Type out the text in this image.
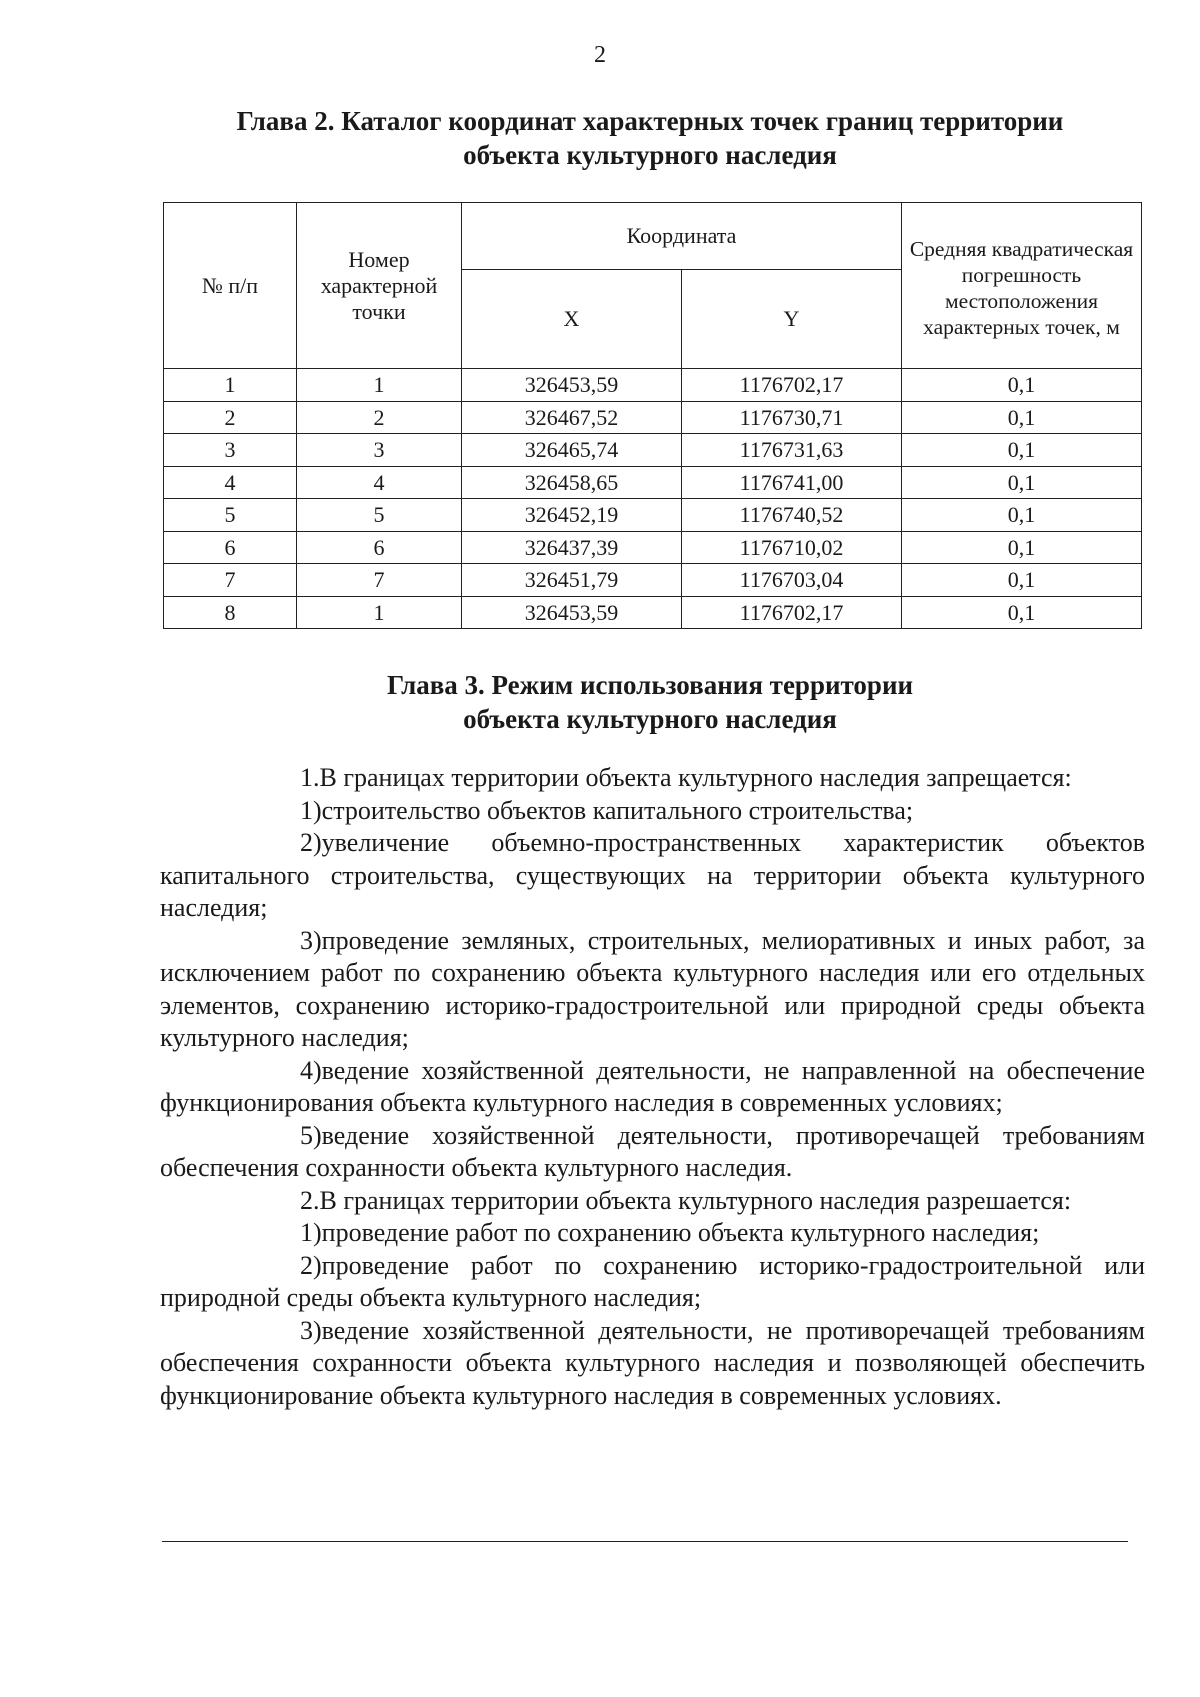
2
Глава 2. Каталог координат характерных точек границ территории
объекта культурного наследия
№ п/п	Номер характерной точки	Координата		Средняя квадратическая погрешность местоположения характерных точек, м
		X	Y	
1	1	326453,59	1176702,17	0,1
2	2	326467,52	1176730,71	0,1
3	3	326465,74	1176731,63	0,1
4	4	326458,65	1176741,00	0,1
5	5	326452,19	1176740,52	0,1
6	6	326437,39	1176710,02	0,1
7	7	326451,79	1176703,04	0,1
8	1	326453,59	1176702,17	0,1
Глава 3. Режим использования территории
объекта культурного наследия

1.В границах территории объекта культурного наследия запрещается:

1)строительство объектов капитального строительства;

2)увеличение объемно-пространственных характеристик объектов капитального строительства, существующих на территории объекта культурного наследия;

3)проведение земляных, строительных, мелиоративных и иных работ, за исключением работ по сохранению объекта культурного наследия или его отдельных элементов, сохранению историко-градостроительной или природной среды объекта культурного наследия;

4)ведение хозяйственной деятельности, не направленной на обеспечение функционирования объекта культурного наследия в современных условиях;

5)ведение хозяйственной деятельности, противоречащей требованиям обеспечения сохранности объекта культурного наследия.

2.В границах территории объекта культурного наследия разрешается:

1)проведение работ по сохранению объекта культурного наследия;

2)проведение работ по сохранению историко-градостроительной или природной среды объекта культурного наследия;

3)ведение хозяйственной деятельности, не противоречащей требованиям обеспечения сохранности объекта культурного наследия и позволяющей обеспечить функционирование объекта культурного наследия в современных условиях.
